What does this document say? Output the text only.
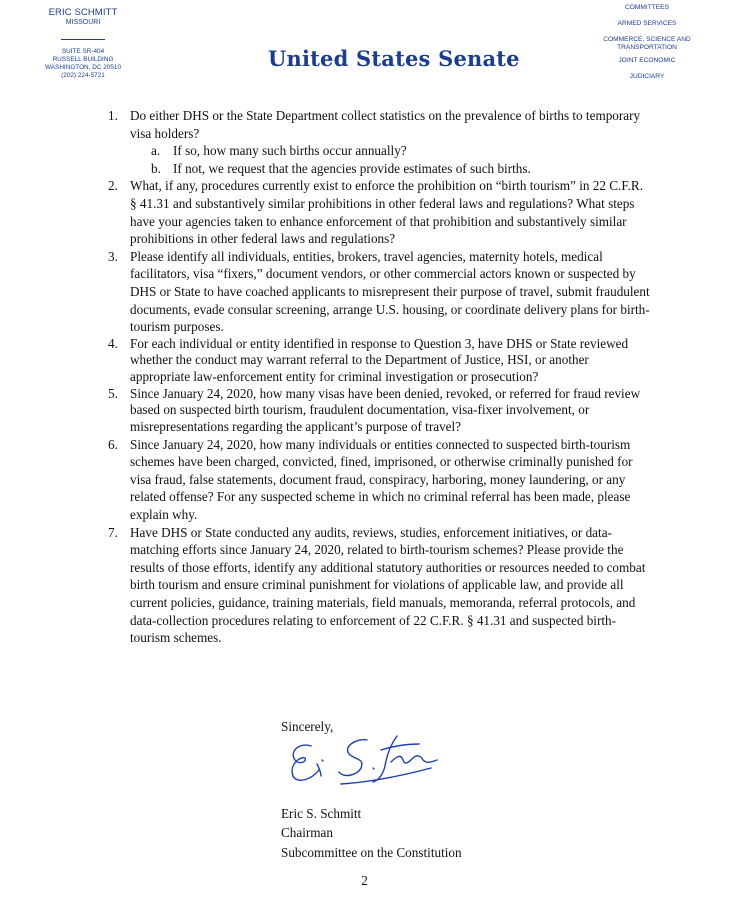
ERIC SCHMITT
MISSOURI
SUITE SR-404
RUSSELL BUILDING
WASHINGTON, DC 20510
(202) 224-5721
United States Senate
COMMITTEES
ARMED SERVICES
COMMERCE, SCIENCE AND
TRANSPORTATION
JOINT ECONOMIC
JUDICIARY
1. Do either DHS or the State Department collect statistics on the prevalence of births to temporary visa holders?
a. If so, how many such births occur annually?
b. If not, we request that the agencies provide estimates of such births.
2. What, if any, procedures currently exist to enforce the prohibition on “birth tourism” in 22 C.F.R. § 41.31 and substantively similar prohibitions in other federal laws and regulations? What steps have your agencies taken to enhance enforcement of that prohibition and substantively similar prohibitions in other federal laws and regulations?
3. Please identify all individuals, entities, brokers, travel agencies, maternity hotels, medical facilitators, visa “fixers,” document vendors, or other commercial actors known or suspected by DHS or State to have coached applicants to misrepresent their purpose of travel, submit fraudulent documents, evade consular screening, arrange U.S. housing, or coordinate delivery plans for birth-tourism purposes.
4. For each individual or entity identified in response to Question 3, have DHS or State reviewed whether the conduct may warrant referral to the Department of Justice, HSI, or another appropriate law-enforcement entity for criminal investigation or prosecution?
5. Since January 24, 2020, how many visas have been denied, revoked, or referred for fraud review based on suspected birth tourism, fraudulent documentation, visa-fixer involvement, or misrepresentations regarding the applicant’s purpose of travel?
6. Since January 24, 2020, how many individuals or entities connected to suspected birth-tourism schemes have been charged, convicted, fined, imprisoned, or otherwise criminally punished for visa fraud, false statements, document fraud, conspiracy, harboring, money laundering, or any related offense? For any suspected scheme in which no criminal referral has been made, please explain why.
7. Have DHS or State conducted any audits, reviews, studies, enforcement initiatives, or data-matching efforts since January 24, 2020, related to birth-tourism schemes? Please provide the results of those efforts, identify any additional statutory authorities or resources needed to combat birth tourism and ensure criminal punishment for violations of applicable law, and provide all current policies, guidance, training materials, field manuals, memoranda, referral protocols, and data-collection procedures relating to enforcement of 22 C.F.R. § 41.31 and suspected birth-tourism schemes.
Sincerely,
Eric S. Schmitt
Chairman
Subcommittee on the Constitution
2
